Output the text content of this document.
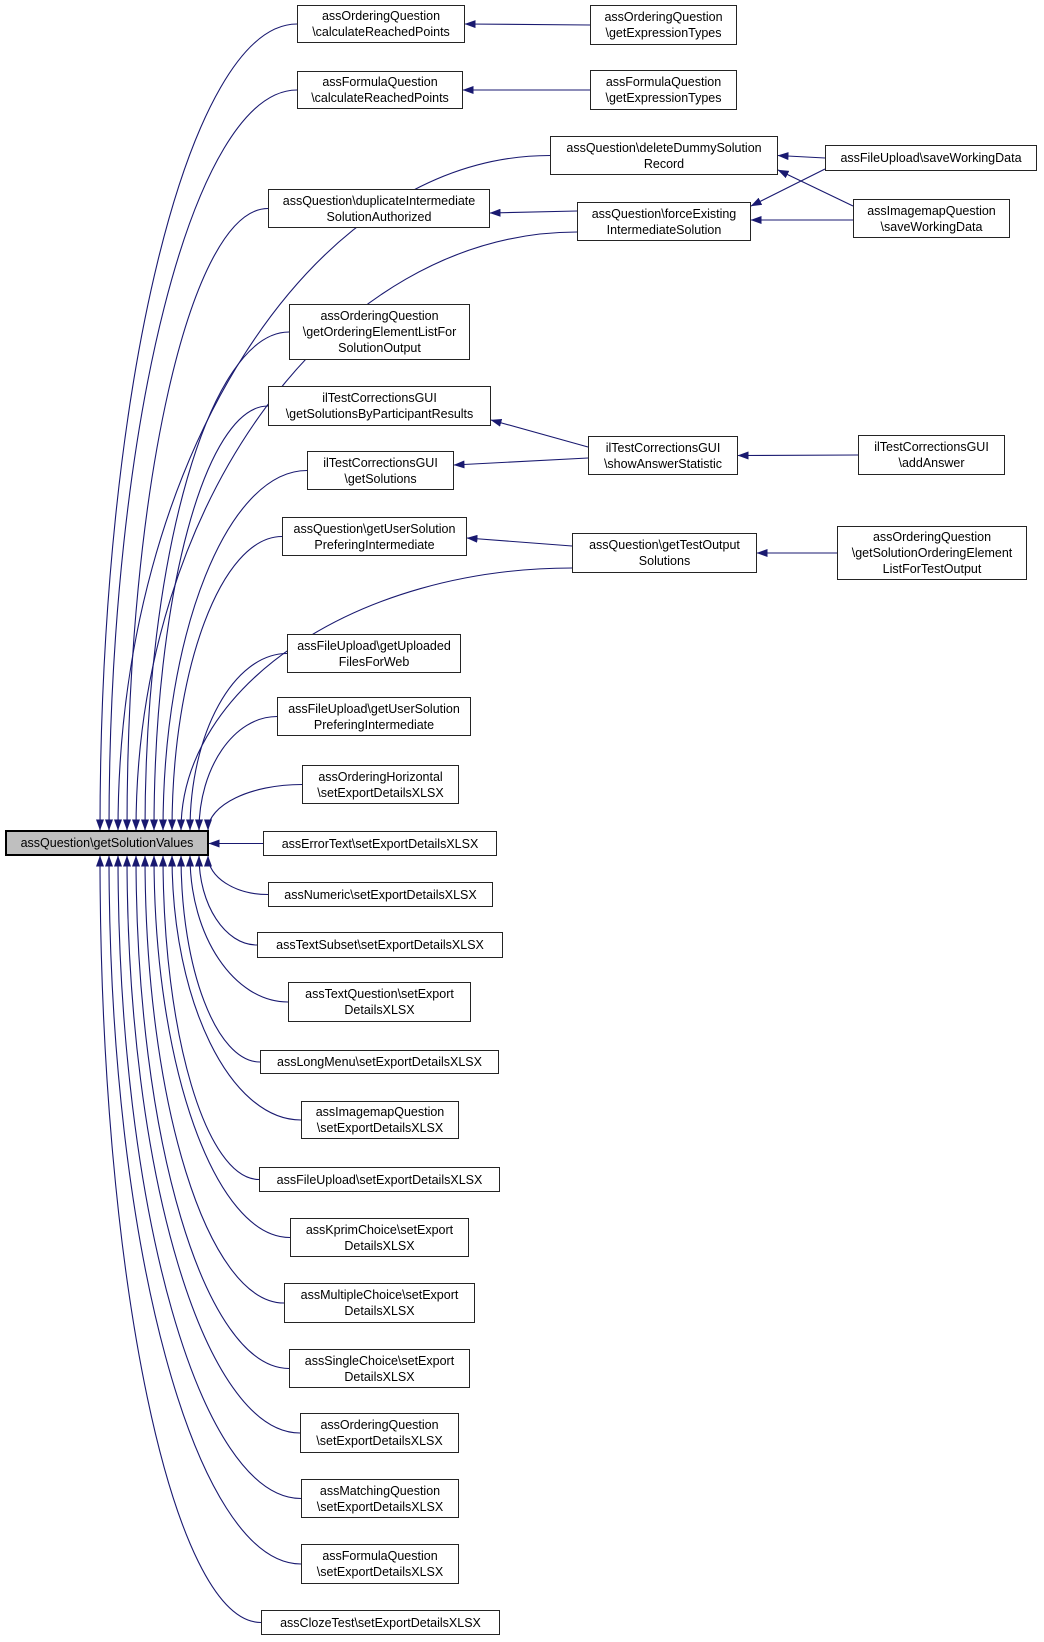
assQuestion\getSolutionValues
assOrderingQuestion
\calculateReachedPoints
assFormulaQuestion
\calculateReachedPoints
assQuestion\duplicateIntermediate
SolutionAuthorized
assOrderingQuestion
\getOrderingElementListFor
SolutionOutput
ilTestCorrectionsGUI
\getSolutionsByParticipantResults
ilTestCorrectionsGUI
\getSolutions
assQuestion\getUserSolution
PreferingIntermediate
assFileUpload\getUploaded
FilesForWeb
assFileUpload\getUserSolution
PreferingIntermediate
assOrderingHorizontal
\setExportDetailsXLSX
assErrorText\setExportDetailsXLSX
assNumeric\setExportDetailsXLSX
assTextSubset\setExportDetailsXLSX
assTextQuestion\setExport
DetailsXLSX
assLongMenu\setExportDetailsXLSX
assImagemapQuestion
\setExportDetailsXLSX
assFileUpload\setExportDetailsXLSX
assKprimChoice\setExport
DetailsXLSX
assMultipleChoice\setExport
DetailsXLSX
assSingleChoice\setExport
DetailsXLSX
assOrderingQuestion
\setExportDetailsXLSX
assMatchingQuestion
\setExportDetailsXLSX
assFormulaQuestion
\setExportDetailsXLSX
assClozeTest\setExportDetailsXLSX
assOrderingQuestion
\getExpressionTypes
assFormulaQuestion
\getExpressionTypes
assQuestion\deleteDummySolution
Record
assQuestion\forceExisting
IntermediateSolution
ilTestCorrectionsGUI
\showAnswerStatistic
assQuestion\getTestOutput
Solutions
assFileUpload\saveWorkingData
assImagemapQuestion
\saveWorkingData
ilTestCorrectionsGUI
\addAnswer
assOrderingQuestion
\getSolutionOrderingElement
ListForTestOutput
